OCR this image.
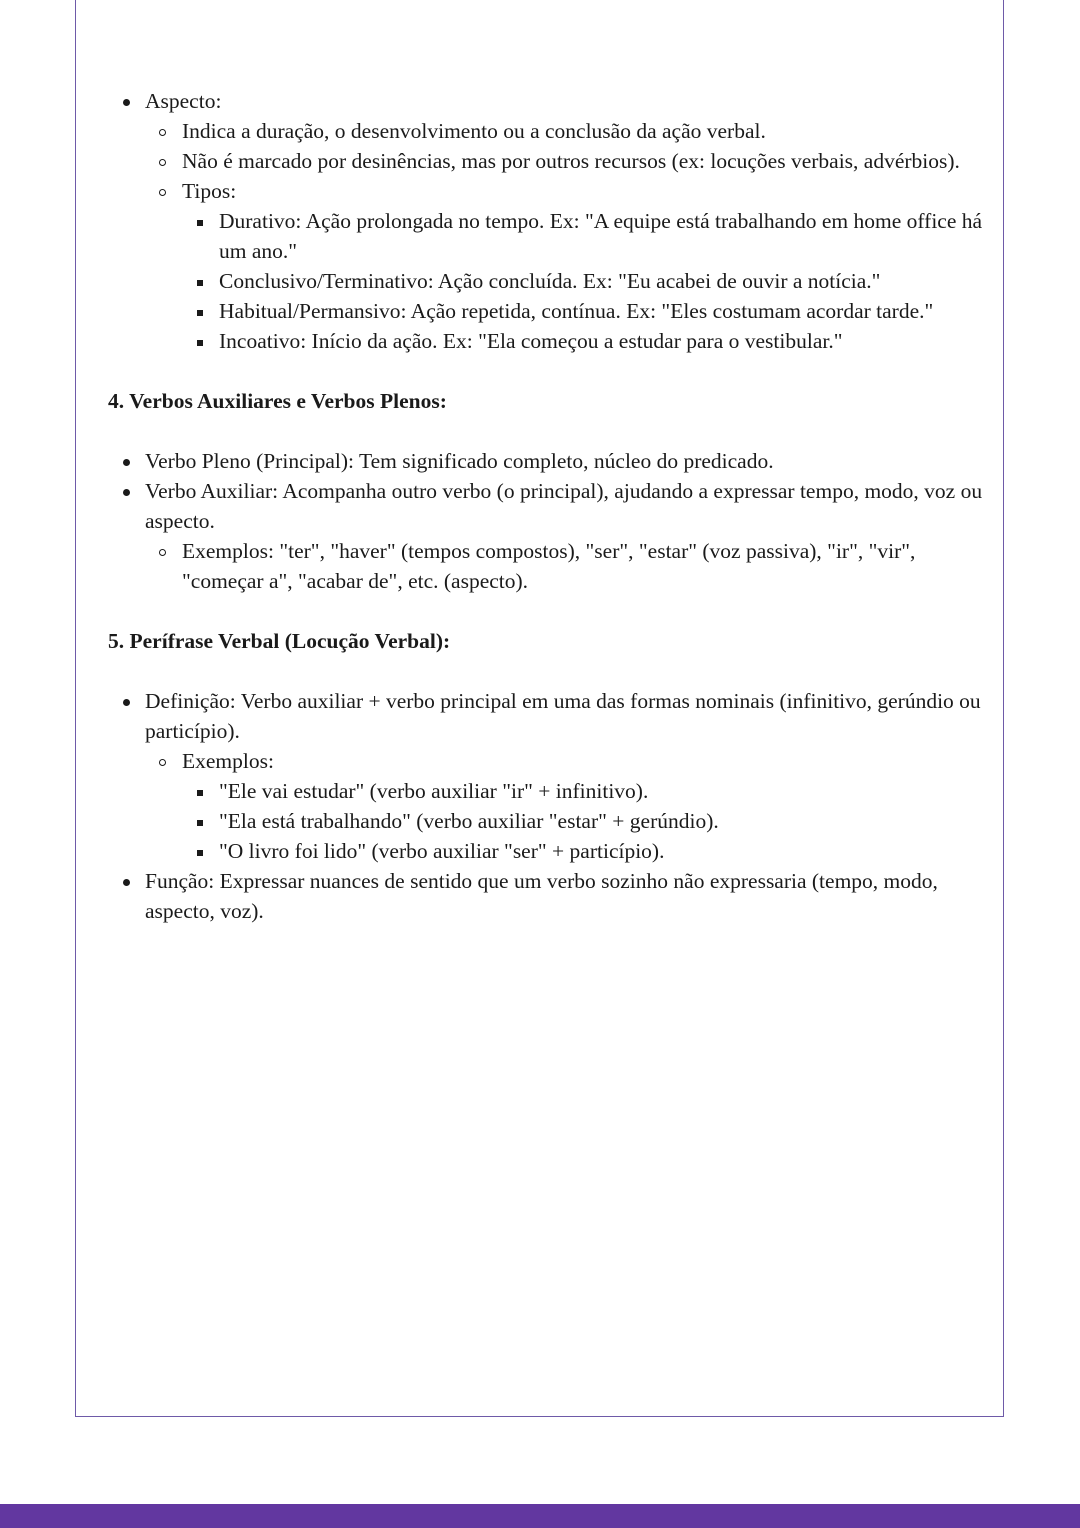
Aspecto:
Indica a duração, o desenvolvimento ou a conclusão da ação verbal.
Não é marcado por desinências, mas por outros recursos (ex: locuções verbais, advérbios).
Tipos:
Durativo: Ação prolongada no tempo. Ex: "A equipe está trabalhando em home office há um ano."
Conclusivo/Terminativo: Ação concluída. Ex: "Eu acabei de ouvir a notícia."
Habitual/Permansivo: Ação repetida, contínua. Ex: "Eles costumam acordar tarde."
Incoativo: Início da ação. Ex: "Ela começou a estudar para o vestibular."

4. Verbos Auxiliares e Verbos Plenos:

Verbo Pleno (Principal): Tem significado completo, núcleo do predicado.
Verbo Auxiliar: Acompanha outro verbo (o principal), ajudando a expressar tempo, modo, voz ou aspecto.
Exemplos: "ter", "haver" (tempos compostos), "ser", "estar" (voz passiva), "ir", "vir", "começar a", "acabar de", etc. (aspecto).

5. Perífrase Verbal (Locução Verbal):

Definição: Verbo auxiliar + verbo principal em uma das formas nominais (infinitivo, gerúndio ou particípio).
Exemplos:
"Ele vai estudar" (verbo auxiliar "ir" + infinitivo).
"Ela está trabalhando" (verbo auxiliar "estar" + gerúndio).
"O livro foi lido" (verbo auxiliar "ser" + particípio).
Função: Expressar nuances de sentido que um verbo sozinho não expressaria (tempo, modo, aspecto, voz).
